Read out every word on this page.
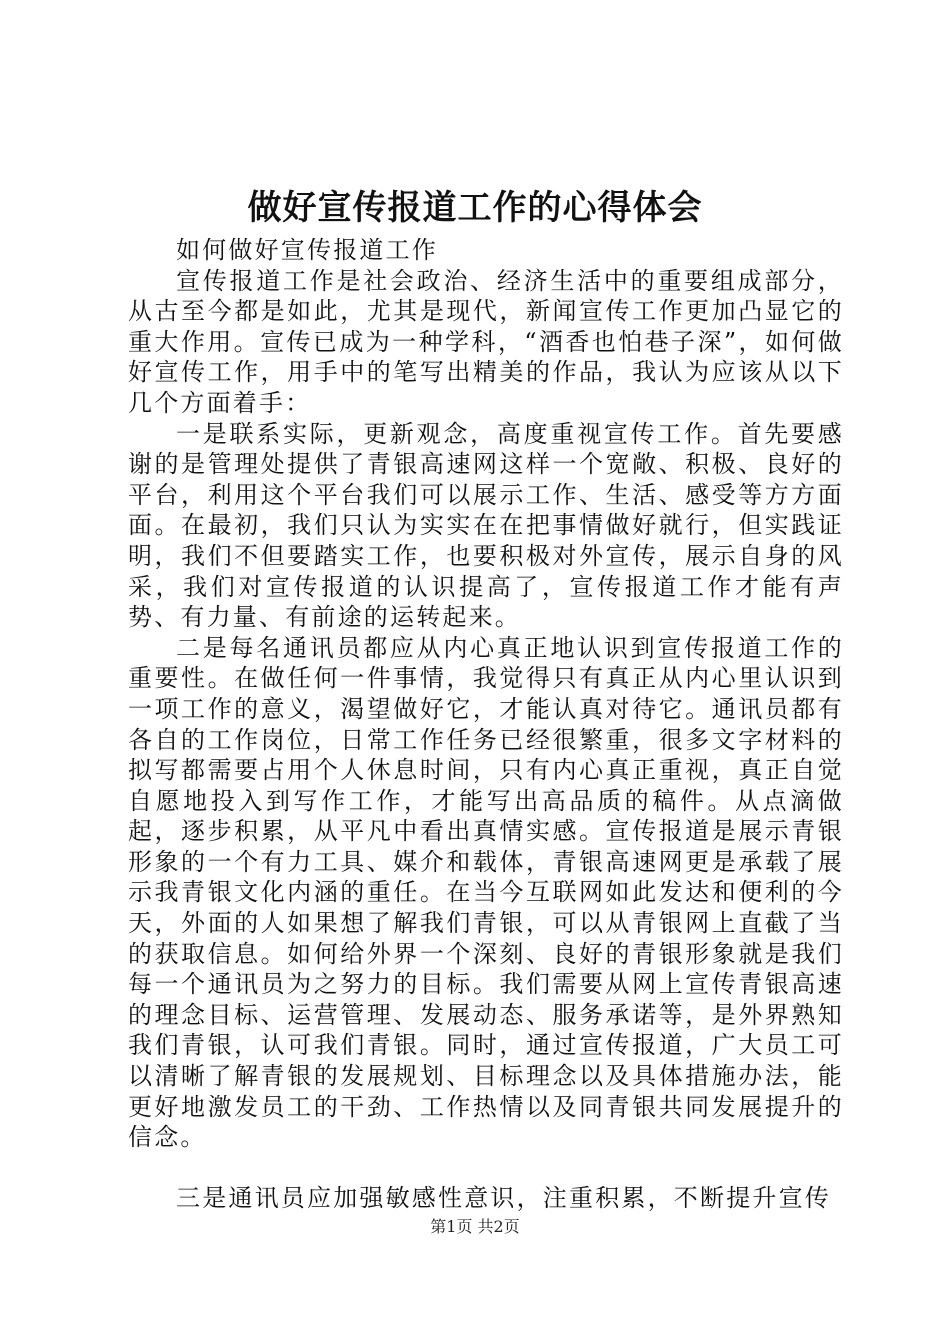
做好宣传报道工作的心得体会

如何做好宣传报道工作

宣传报道工作是社会政治、经济生活中的重要组成部分，从古至今都是如此，尤其是现代，新闻宣传工作更加凸显它的重大作用。宣传已成为一种学科，“酒香也怕巷子深”，如何做好宣传工作，用手中的笔写出精美的作品，我认为应该从以下几个方面着手：

一是联系实际，更新观念，高度重视宣传工作。首先要感谢的是管理处提供了青银高速网这样一个宽敞、积极、良好的平台，利用这个平台我们可以展示工作、生活、感受等方方面面。在最初，我们只认为实实在在把事情做好就行，但实践证明，我们不但要踏实工作，也要积极对外宣传，展示自身的风采，我们对宣传报道的认识提高了，宣传报道工作才能有声势、有力量、有前途的运转起来。

二是每名通讯员都应从内心真正地认识到宣传报道工作的重要性。在做任何一件事情，我觉得只有真正从内心里认识到一项工作的意义，渴望做好它，才能认真对待它。通讯员都有各自的工作岗位，日常工作任务已经很繁重，很多文字材料的拟写都需要占用个人休息时间，只有内心真正重视，真正自觉自愿地投入到写作工作，才能写出高品质的稿件。从点滴做起，逐步积累，从平凡中看出真情实感。宣传报道是展示青银形象的一个有力工具、媒介和载体，青银高速网更是承载了展示我青银文化内涵的重任。在当今互联网如此发达和便利的今天，外面的人如果想了解我们青银，可以从青银网上直截了当的获取信息。如何给外界一个深刻、良好的青银形象就是我们每一个通讯员为之努力的目标。我们需要从网上宣传青银高速的理念目标、运营管理、发展动态、服务承诺等，是外界熟知我们青银，认可我们青银。同时，通过宣传报道，广大员工可以清晰了解青银的发展规划、目标理念以及具体措施办法，能更好地激发员工的干劲、工作热情以及同青银共同发展提升的信念。

三是通讯员应加强敏感性意识，注重积累，不断提升宣传

第1页 共2页
